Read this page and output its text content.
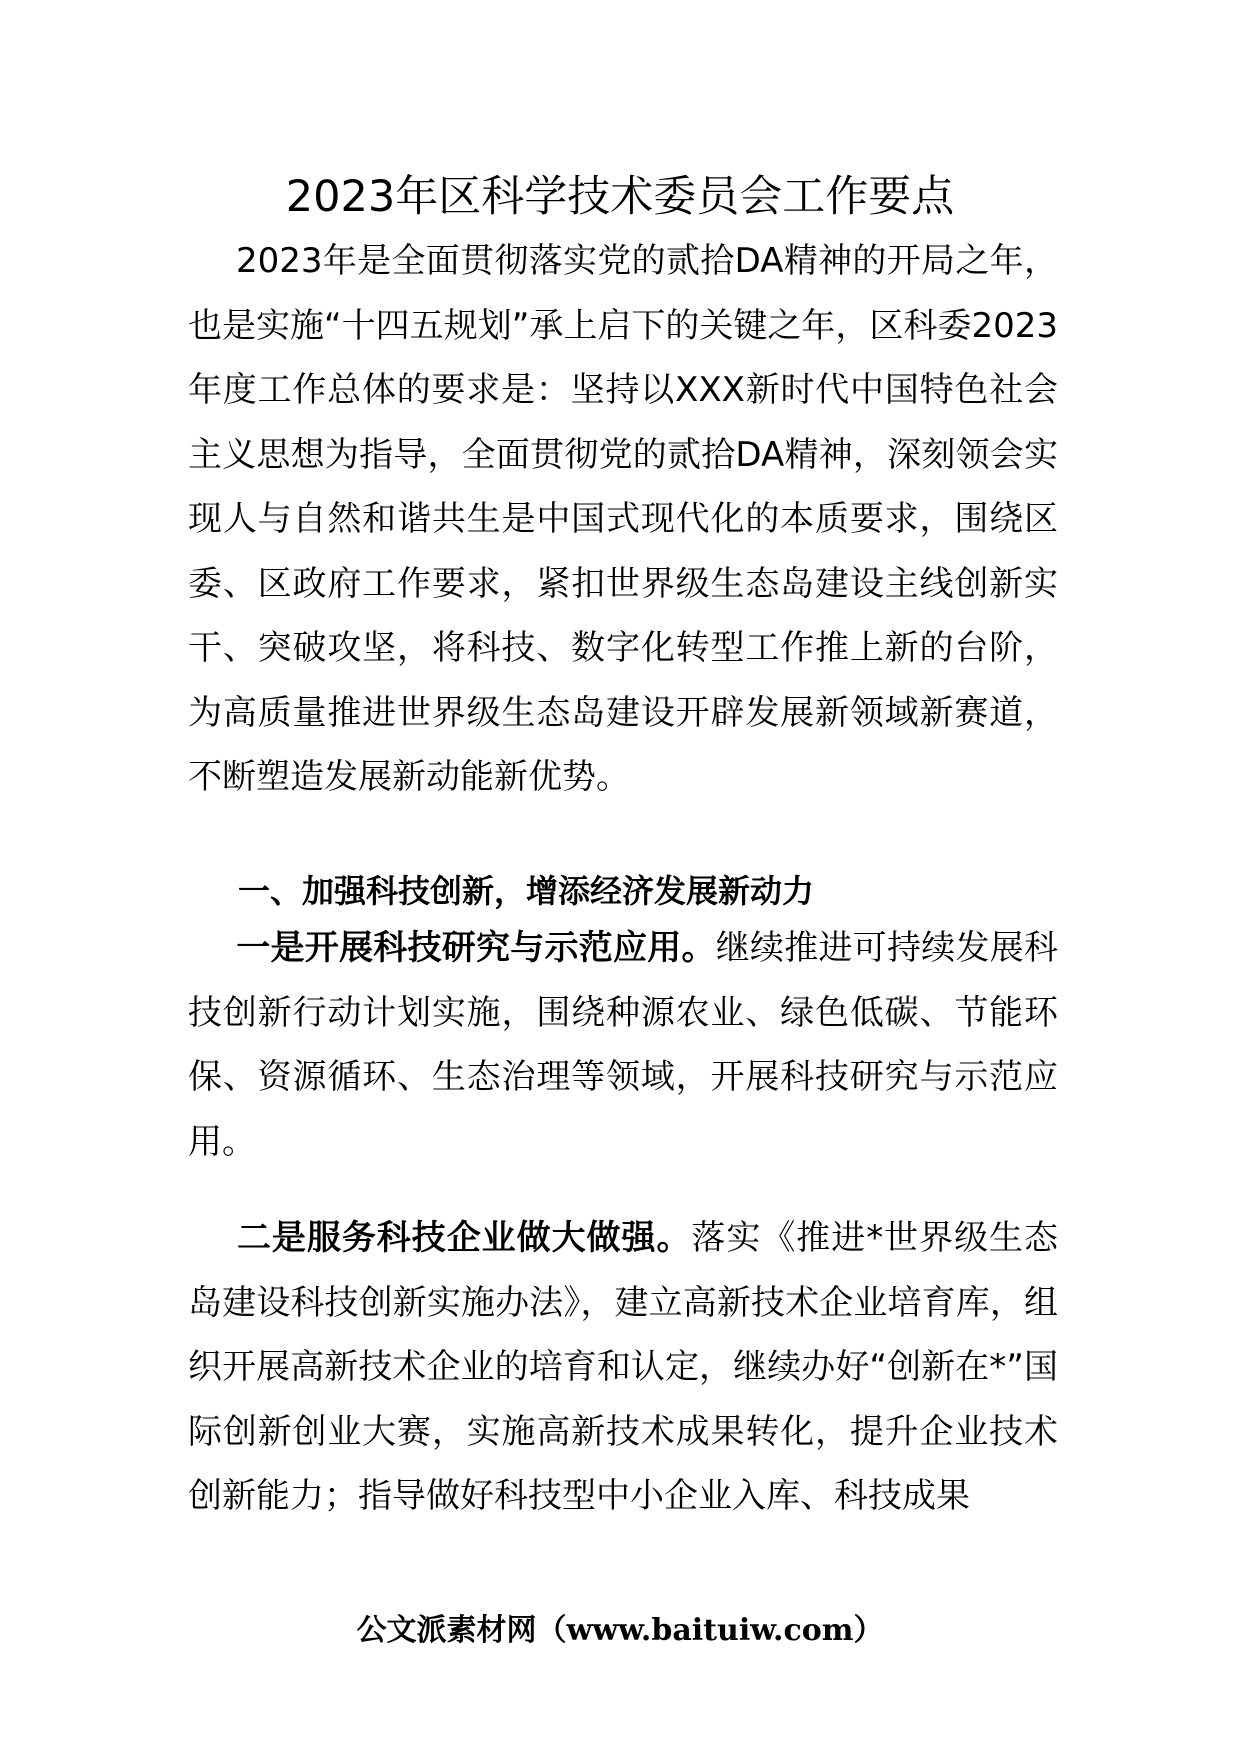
2023年区科学技术委员会工作要点

2023年是全面贯彻落实党的贰拾DA精神的开局之年，也是实施“十四五规划”承上启下的关键之年，区科委2023年度工作总体的要求是：坚持以XXX新时代中国特色社会主义思想为指导，全面贯彻党的贰拾DA精神，深刻领会实现人与自然和谐共生是中国式现代化的本质要求，围绕区委、区政府工作要求，紧扣世界级生态岛建设主线创新实干、突破攻坚，将科技、数字化转型工作推上新的台阶，为高质量推进世界级生态岛建设开辟发展新领域新赛道，不断塑造发展新动能新优势。

一、加强科技创新，增添经济发展新动力

一是开展科技研究与示范应用。继续推进可持续发展科技创新行动计划实施，围绕种源农业、绿色低碳、节能环保、资源循环、生态治理等领域，开展科技研究与示范应用。

二是服务科技企业做大做强。落实《推进*世界级生态岛建设科技创新实施办法》，建立高新技术企业培育库，组织开展高新技术企业的培育和认定，继续办好“创新在*”国际创新创业大赛，实施高新技术成果转化，提升企业技术创新能力；指导做好科技型中小企业入库、科技成果

公文派素材网（www.baituiw.com）
